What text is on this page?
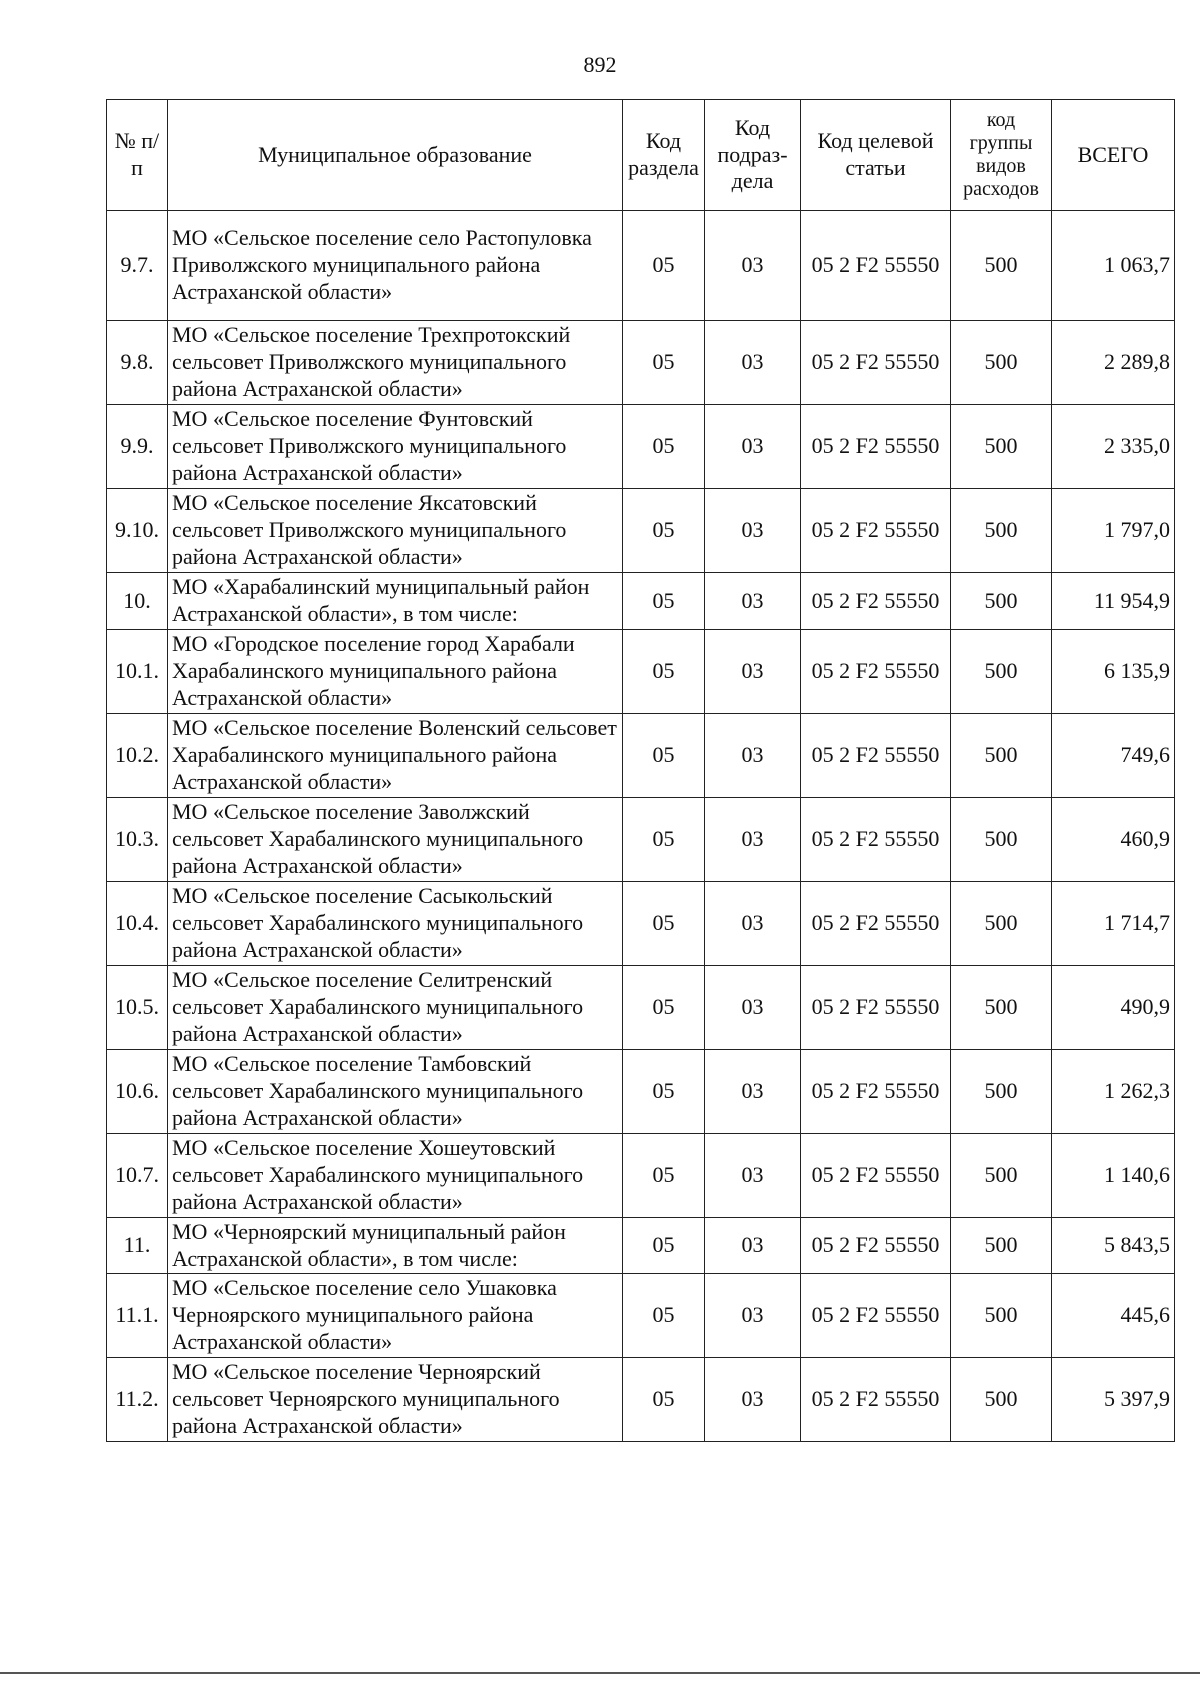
892
№ п/п	Муниципальное образование	Код раздела	Код подраз-дела	Код целевой статьи	код группы видов расходов	ВСЕГО
9.7.	МО «Сельское поселение село Растопуловка Приволжского муниципального района Астраханской области»	05	03	05 2 F2 55550	500	1 063,7
9.8.	МО «Сельское поселение Трехпротокский сельсовет Приволжского муниципального района Астраханской области»	05	03	05 2 F2 55550	500	2 289,8
9.9.	МО «Сельское поселение Фунтовский сельсовет Приволжского муниципального района Астраханской области»	05	03	05 2 F2 55550	500	2 335,0
9.10.	МО «Сельское поселение Яксатовский сельсовет Приволжского муниципального района Астраханской области»	05	03	05 2 F2 55550	500	1 797,0
10.	МО «Харабалинский муниципальный район Астраханской области», в том числе:	05	03	05 2 F2 55550	500	11 954,9
10.1.	МО «Городское поселение город Харабали Харабалинского муниципального района Астраханской области»	05	03	05 2 F2 55550	500	6 135,9
10.2.	МО «Сельское поселение Воленский сельсовет Харабалинского муниципального района Астраханской области»	05	03	05 2 F2 55550	500	749,6
10.3.	МО «Сельское поселение Заволжский сельсовет Харабалинского муниципального района Астраханской области»	05	03	05 2 F2 55550	500	460,9
10.4.	МО «Сельское поселение Сасыкольский сельсовет Харабалинского муниципального района Астраханской области»	05	03	05 2 F2 55550	500	1 714,7
10.5.	МО «Сельское поселение Селитренский сельсовет Харабалинского муниципального района Астраханской области»	05	03	05 2 F2 55550	500	490,9
10.6.	МО «Сельское поселение Тамбовский сельсовет Харабалинского муниципального района Астраханской области»	05	03	05 2 F2 55550	500	1 262,3
10.7.	МО «Сельское поселение Хошеутовский сельсовет Харабалинского муниципального района Астраханской области»	05	03	05 2 F2 55550	500	1 140,6
11.	МО «Черноярский муниципальный район Астраханской области», в том числе:	05	03	05 2 F2 55550	500	5 843,5
11.1.	МО «Сельское поселение село Ушаковка Черноярского муниципального района Астраханской области»	05	03	05 2 F2 55550	500	445,6
11.2.	МО «Сельское поселение Черноярский сельсовет Черноярского муниципального района Астраханской области»	05	03	05 2 F2 55550	500	5 397,9
